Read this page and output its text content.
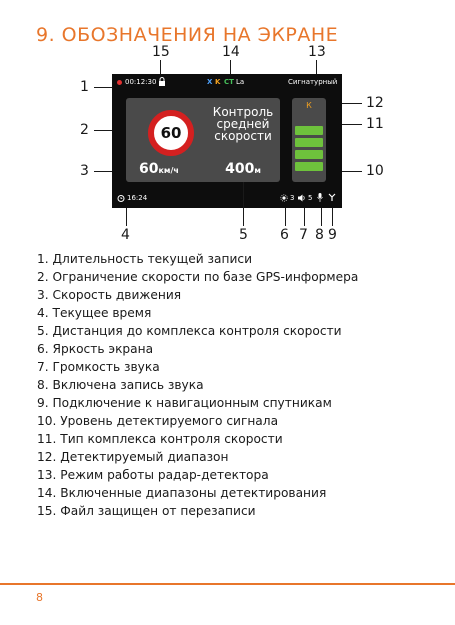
9. ОБОЗНАЧЕНИЯ НА ЭКРАНЕ
15	14	13
1
2
3
12
11
10
00:12:30	X K CT La	Сигнатурный
60
60км/ч
Контроль
средней
скорости
400м
К
16:24	3 5
4	5 6 7 8 9
1. Длительность текущей записи
2. Ограничение скорости по базе GPS-информера
3. Скорость движения
4. Текущее время
5. Дистанция до комплекса контроля скорости
6. Яркость экрана
7. Громкость звука
8. Включена запись звука
9. Подключение к навигационным спутникам
10. Уровень детектируемого сигнала
11. Тип комплекса контроля скорости
12. Детектируемый диапазон
13. Режим работы радар-детектора
14. Включенные диапазоны детектирования
15. Файл защищен от перезаписи
8
